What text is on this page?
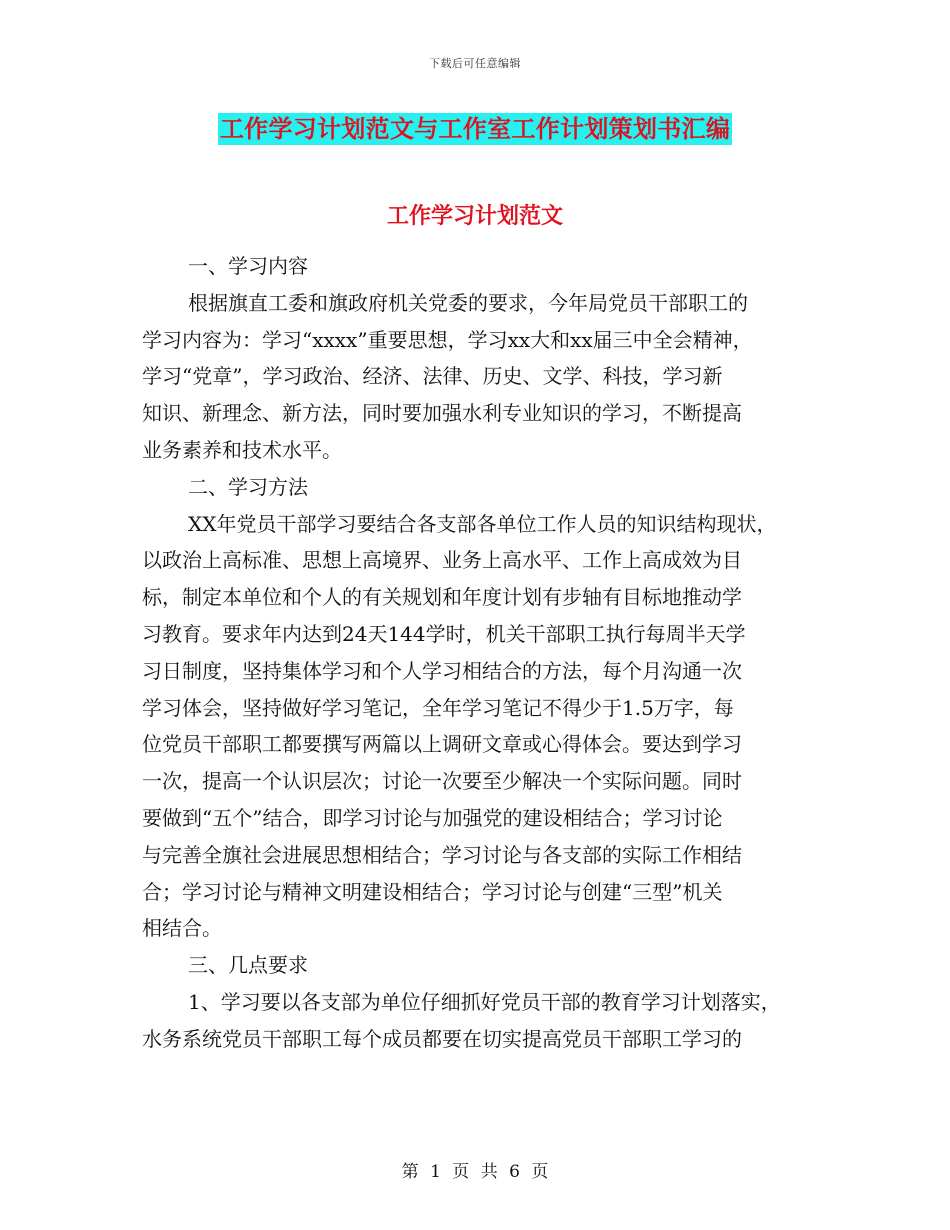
下载后可任意编辑
工作学习计划范文与工作室工作计划策划书汇编
工作学习计划范文
一、学习内容
根据旗直工委和旗政府机关党委的要求，今年局党员干部职工的
学习内容为：学习“xxxx”重要思想，学习xx大和xx届三中全会精神，
学习“党章”，学习政治、经济、法律、历史、文学、科技，学习新
知识、新理念、新方法，同时要加强水利专业知识的学习，不断提高
业务素养和技术水平。
二、学习方法
XX年党员干部学习要结合各支部各单位工作人员的知识结构现状，
以政治上高标准、思想上高境界、业务上高水平、工作上高成效为目
标，制定本单位和个人的有关规划和年度计划有步轴有目标地推动学
习教育。要求年内达到24天144学时，机关干部职工执行每周半天学
习日制度，坚持集体学习和个人学习相结合的方法，每个月沟通一次
学习体会，坚持做好学习笔记，全年学习笔记不得少于1.5万字，每
位党员干部职工都要撰写两篇以上调研文章或心得体会。要达到学习
一次，提高一个认识层次；讨论一次要至少解决一个实际问题。同时
要做到“五个”结合，即学习讨论与加强党的建设相结合；学习讨论
与完善全旗社会进展思想相结合；学习讨论与各支部的实际工作相结
合；学习讨论与精神文明建设相结合；学习讨论与创建“三型”机关
相结合。
三、几点要求
1、学习要以各支部为单位仔细抓好党员干部的教育学习计划落实，
水务系统党员干部职工每个成员都要在切实提高党员干部职工学习的
第 1 页 共 6 页
